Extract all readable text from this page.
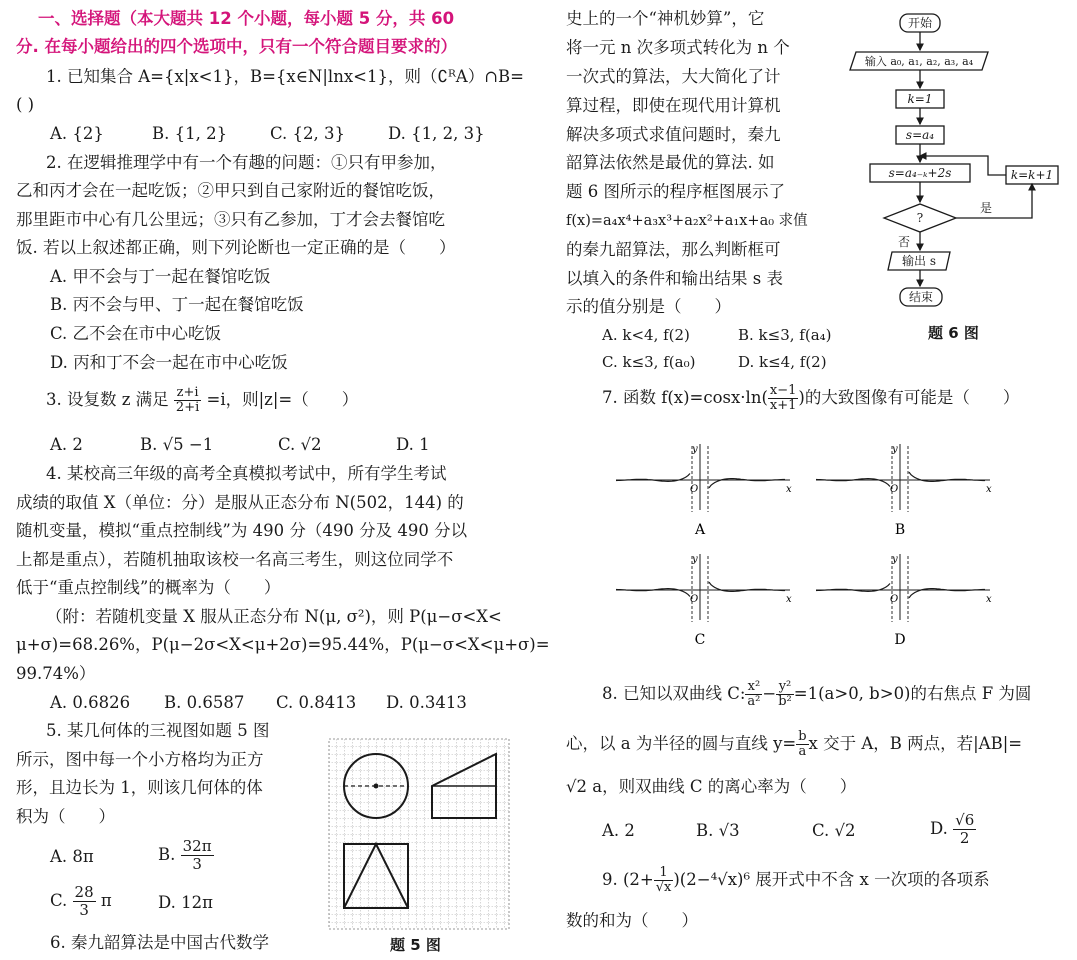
一、选择题（本大题共 12 个小题，每小题 5 分，共 60
分. 在每小题给出的四个选项中，只有一个符合题目要求的）
1. 已知集合 A={x|x<1}，B={x∈N|lnx<1}，则（∁ᴿA）∩B=
( )
A. {2}	B. {1, 2}	C. {2, 3}	D. {1, 2, 3}
2. 在逻辑推理学中有一个有趣的问题：①只有甲参加，
乙和丙才会在一起吃饭；②甲只到自己家附近的餐馆吃饭，
那里距市中心有几公里远；③只有乙参加，丁才会去餐馆吃
饭. 若以上叙述都正确，则下列论断也一定正确的是（　　）
A. 甲不会与丁一起在餐馆吃饭
B. 丙不会与甲、丁一起在餐馆吃饭
C. 乙不会在市中心吃饭
D. 丙和丁不会一起在市中心吃饭
3. 设复数 z 满足 $\frac{z+i}{2+i} =i$，则|z|=（　　）
A. 2	B. √5 −1	C. √2	D. 1
4. 某校高三年级的高考全真模拟考试中，所有学生考试
成绩的取值 X（单位：分）是服从正态分布 N(502，144) 的
随机变量，模拟“重点控制线”为 490 分（490 分及 490 分以
上都是重点），若随机抽取该校一名高三考生，则这位同学不
低于“重点控制线”的概率为（　　）
（附：若随机变量 X 服从正态分布 N(μ, σ²)，则 P(μ−σ<X<
μ+σ)=68.26%，P(μ−2σ<X<μ+2σ)=95.44%，P(μ−σ<X<μ+σ)=
99.74%）
A. 0.6826 B. 0.6587 C. 0.8413 D. 0.3413
5. 某几何体的三视图如题 5 图
所示，图中每一个小方格均为正方
形，且边长为 1，则该几何体的体
积为（　　）
A. 8π	B. $\frac{32\pi}{3}$
C. $\frac{28}{3}$ π	D. 12π
6. 秦九韶算法是中国古代数学	题 5 图
史上的一个“神机妙算”，它
将一元 n 次多项式转化为 n 个
一次式的算法，大大简化了计
算过程，即使在现代用计算机
解决多项式求值问题时，秦九
韶算法依然是最优的算法. 如
题 6 图所示的程序框图展示了
f(x)=a₄x⁴+a₃x³+a₂x²+a₁x+a₀ 求值
的秦九韶算法，那么判断框可
以填入的条件和输出结果 s 表
示的值分别是（　　）
A. k<4, f(2)	B. k≤3, f(a₄)
C. k≤3, f(a₀)	D. k≤4, f(2)
开始
输入 a₀, a₁, a₂, a₃, a₄
k=1
s=a₄
s=a₄₋ₖ+2s	k=k+1
?
是
否
输出 s
结束
题 6 图
7. 函数 $f(x)=\cos x\cdot\ln( \frac{x-1}{x+1}$ )的大致图像有可能是（　　）
x
y
O
A
x
y
O
B
x
y
O
C
x
y
O
D
8. 已知以双曲线 C: $\frac{\text{x²}}{\text{a²}} - \frac{\text{y²}}{\text{b²}} =1(a>0$, b>0)的右焦点 F 为圆
心，以 a 为半径的圆与直线 $y= \frac{b}{a}$ x 交于 A，B 两点，若|AB|=
√2 a，则双曲线 C 的离心率为（　　）
A. 2	B. √3	C. √2	D. $\frac{√6}{2}$
9. $(2+ \frac{1}{√x} )(2-^4√x)^6$ 展开式中不含 x 一次项的各项系
数的和为（　　）
